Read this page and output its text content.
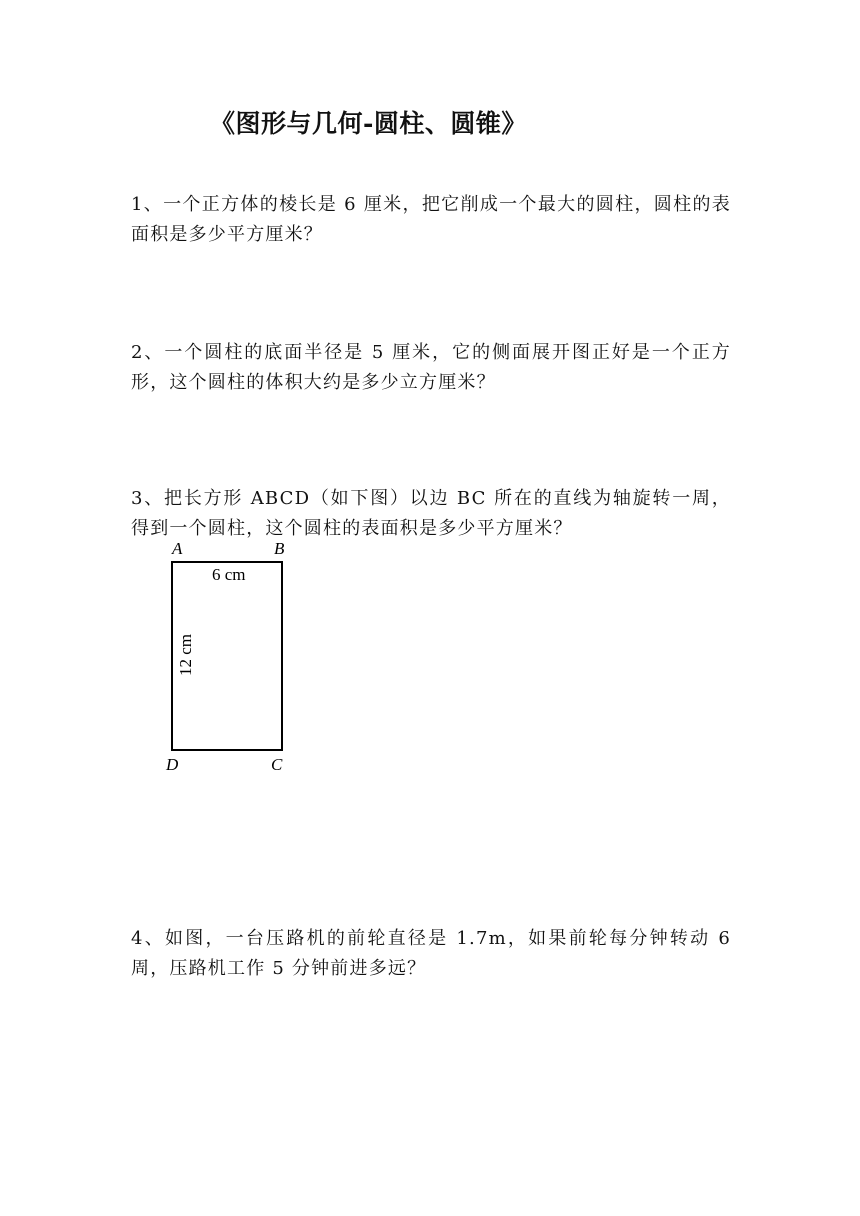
《图形与几何-圆柱、圆锥》

1、一个正方体的棱长是 6 厘米，把它削成一个最大的圆柱，圆柱的表面积是多少平方厘米？

2、一个圆柱的底面半径是 5 厘米，它的侧面展开图正好是一个正方形，这个圆柱的体积大约是多少立方厘米？

3、把长方形 ABCD（如下图）以边 BC 所在的直线为轴旋转一周，得到一个圆柱，这个圆柱的表面积是多少平方厘米？

A	B
D	C
6 cm
12 cm

4、如图，一台压路机的前轮直径是 1.7m，如果前轮每分钟转动 6 周，压路机工作 5 分钟前进多远？
